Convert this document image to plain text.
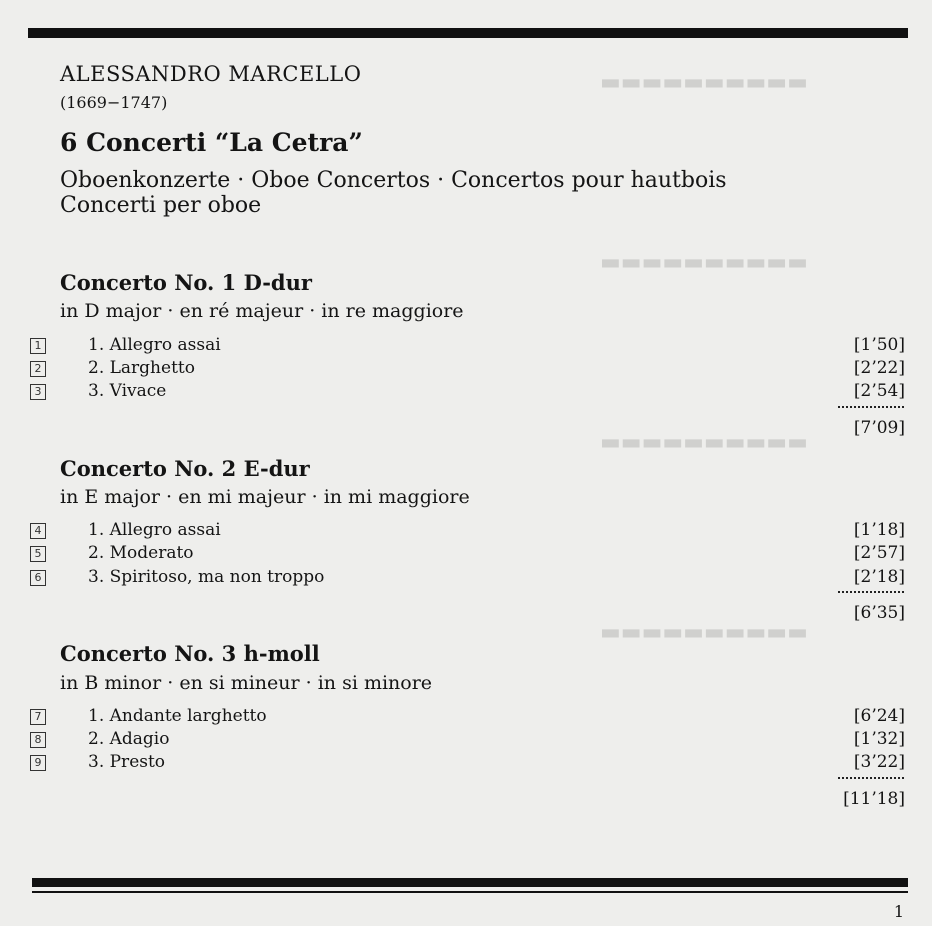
▬▬▬▬▬▬▬▬▬▬
▬▬▬▬▬▬▬▬▬▬
▬▬▬▬▬▬▬▬▬▬
▬▬▬▬▬▬▬▬▬▬
ALESSANDRO MARCELLO
(1669−1747)
6 Concerti “La Cetra”
Oboenkonzerte · Oboe Concertos · Concertos pour hautbois
Concerti per oboe
Concerto No. 1 D-dur
in D major · en ré majeur · in re maggiore
1	1. Allegro assai	[1’50]
2	2. Larghetto	[2’22]
3	3. Vivace	[2’54]
[7’09]
Concerto No. 2 E-dur
in E major · en mi majeur · in mi maggiore
4	1. Allegro assai	[1’18]
5	2. Moderato	[2’57]
6	3. Spiritoso, ma non troppo	[2’18]
[6’35]
Concerto No. 3 h-moll
in B minor · en si mineur · in si minore
7	1. Andante larghetto	[6’24]
8	2. Adagio	[1’32]
9	3. Presto	[3’22]
[11’18]
1
